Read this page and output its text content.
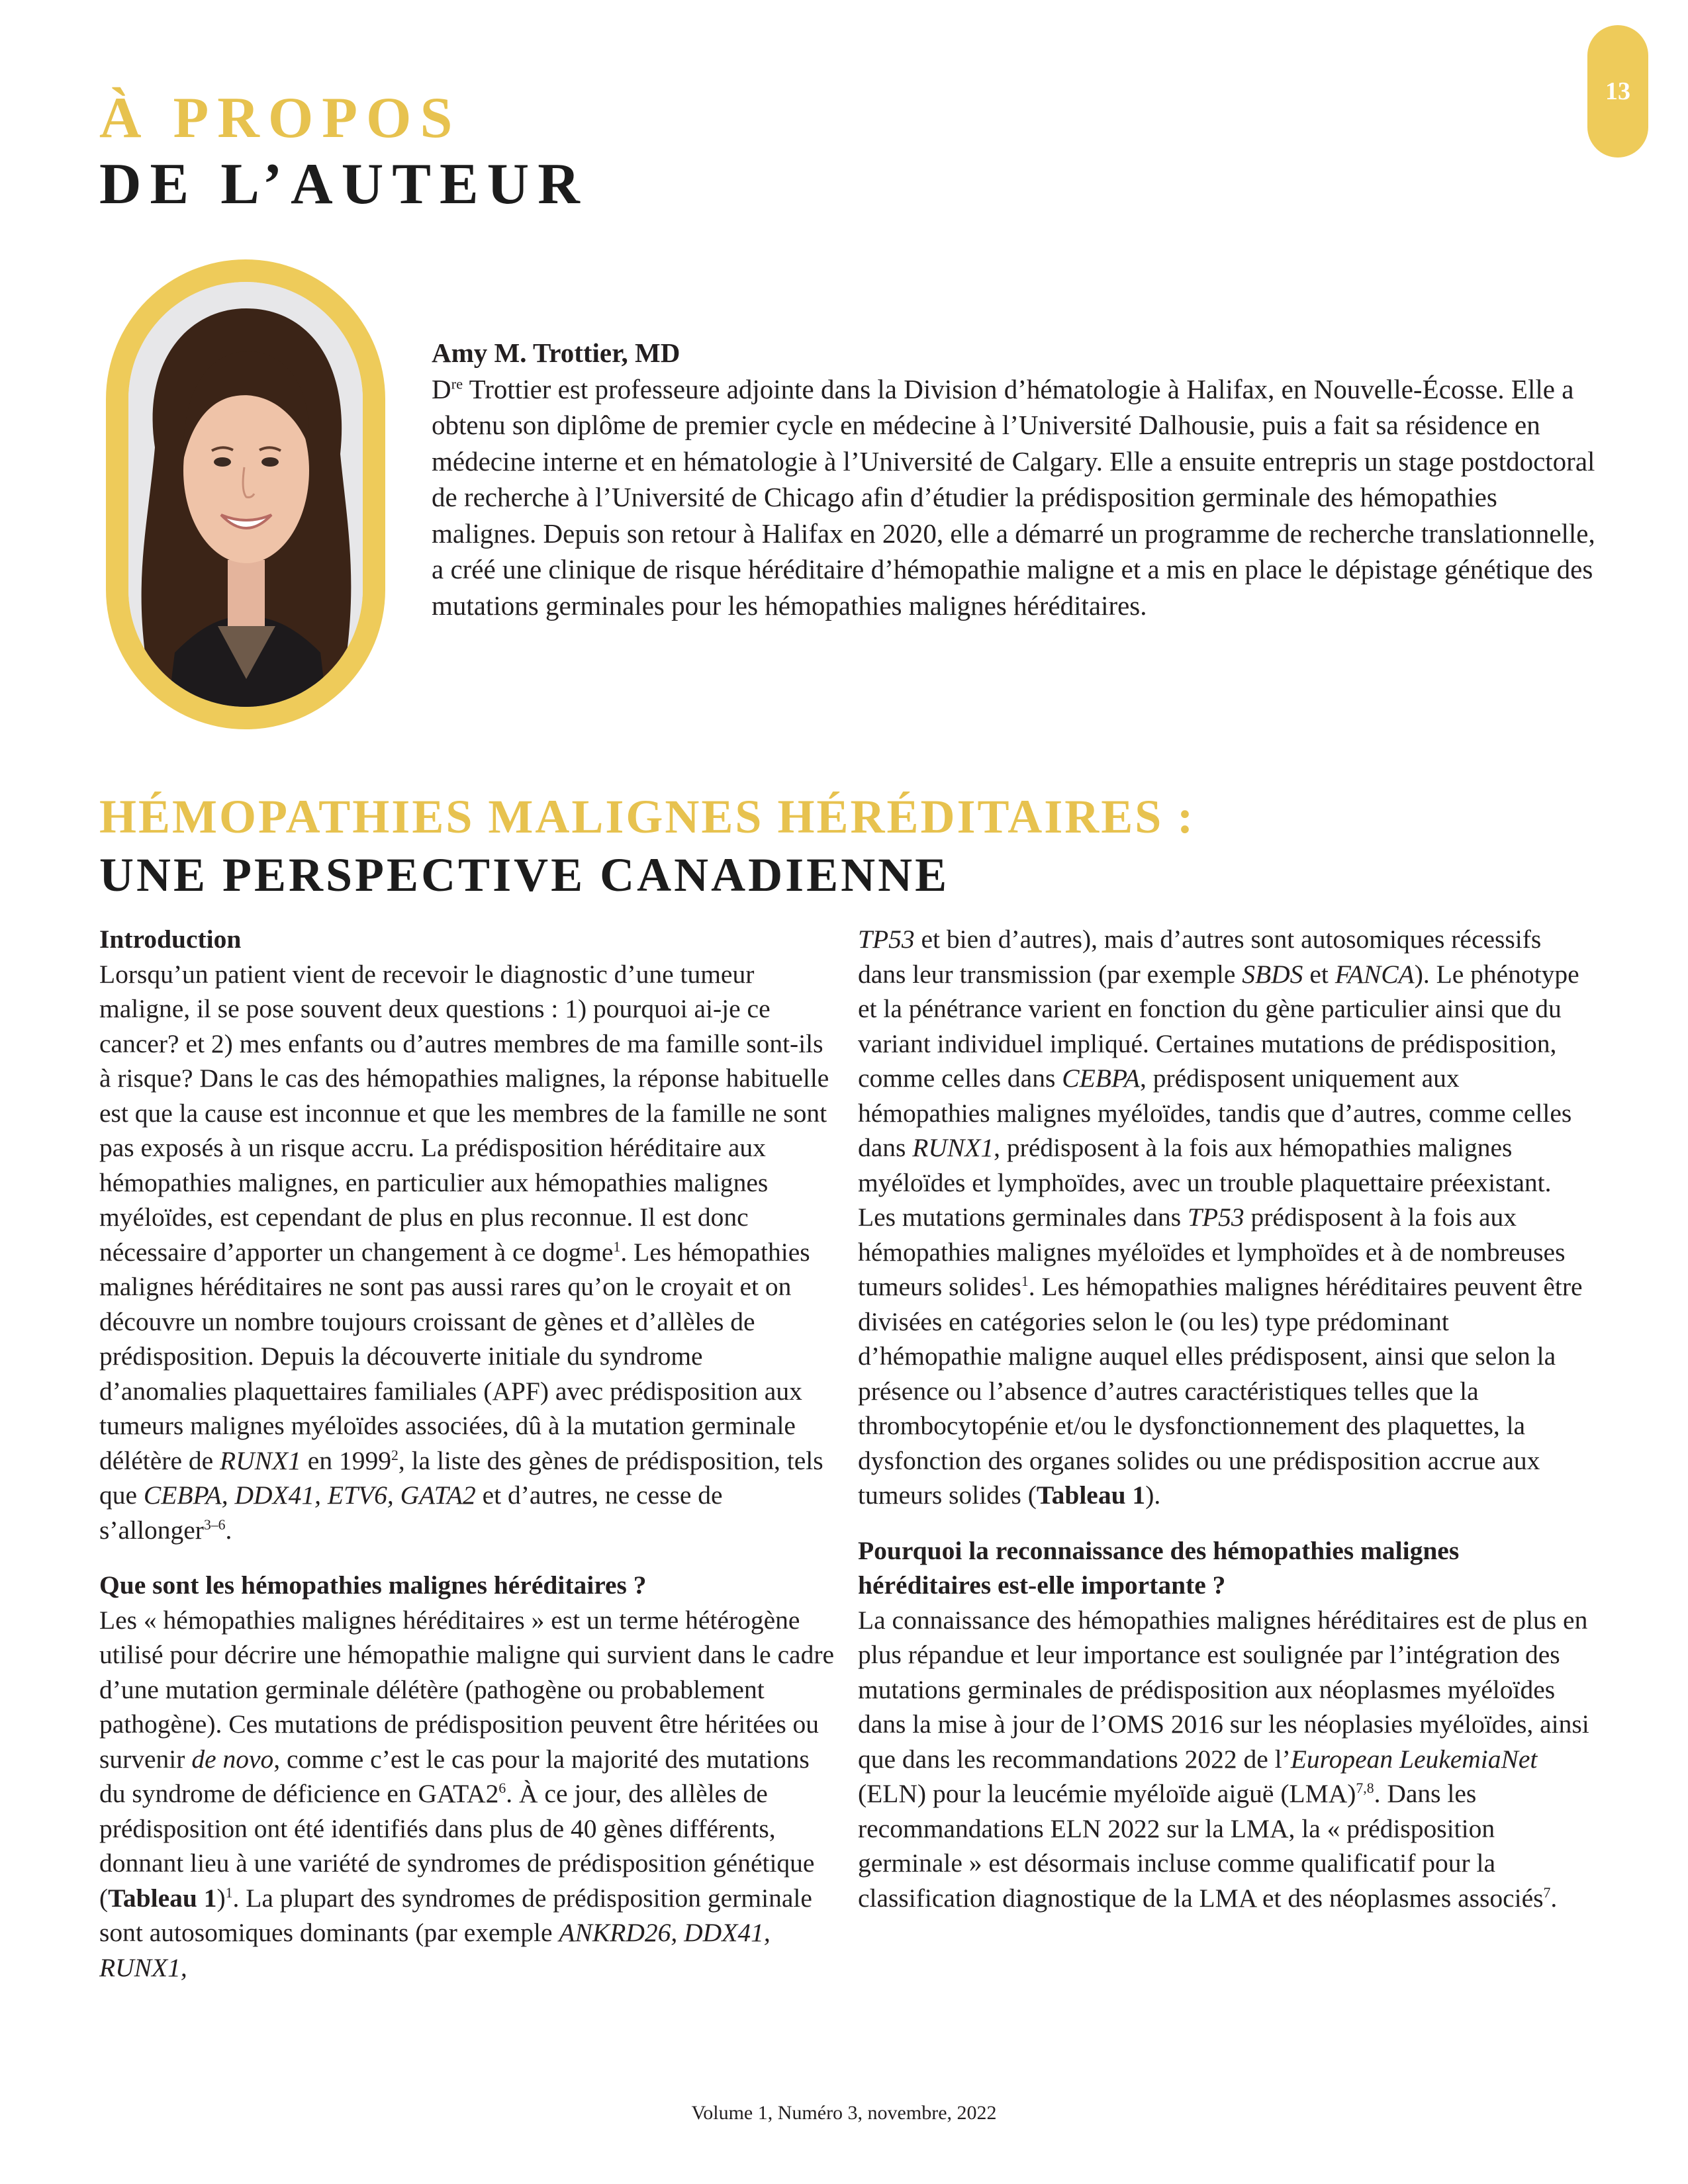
13
À PROPOS
DE L’AUTEUR
Amy M. Trottier, MD
Dre Trottier est professeure adjointe dans la Division d’hématologie à Halifax, en Nouvelle-Écosse. Elle a obtenu son diplôme de premier cycle en médecine à l’Université Dalhousie, puis a fait sa résidence en médecine interne et en hématologie à l’Université de Calgary. Elle a ensuite entrepris un stage postdoctoral de recherche à l’Université de Chicago afin d’étudier la prédisposition germinale des hémopathies malignes. Depuis son retour à Halifax en 2020, elle a démarré un programme de recherche translationnelle, a créé une clinique de risque héréditaire d’hémopathie maligne et a mis en place le dépistage génétique des mutations germinales pour les hémopathies malignes héréditaires.
HÉMOPATHIES MALIGNES HÉRÉDITAIRES :
UNE PERSPECTIVE CANADIENNE

Introduction

Lorsqu’un patient vient de recevoir le diagnostic d’une tumeur maligne, il se pose souvent deux questions : 1) pourquoi ai-je ce cancer? et 2) mes enfants ou d’autres membres de ma famille sont-ils à risque? Dans le cas des hémopathies malignes, la réponse habituelle est que la cause est inconnue et que les membres de la famille ne sont pas exposés à un risque accru. La prédisposition héréditaire aux hémopathies malignes, en particulier aux hémopathies malignes myéloïdes, est cependant de plus en plus reconnue. Il est donc nécessaire d’apporter un changement à ce dogme$^1$. Les hémopathies malignes héréditaires ne sont pas aussi rares qu’on le croyait et on découvre un nombre toujours croissant de gènes et d’allèles de prédisposition. Depuis la découverte initiale du syndrome d’anomalies plaquettaires familiales (APF) avec prédisposition aux tumeurs malignes myéloïdes associées, dû à la mutation germinale délétère de RUNX1 en 1999$^2$, la liste des gènes de prédisposition, tels que CEBPA, DDX41, ETV6, GATA2 et d’autres, ne cesse de s’allonger$^{3-6}$.

Que sont les hémopathies malignes héréditaires ?

Les « hémopathies malignes héréditaires » est un terme hétérogène utilisé pour décrire une hémopathie maligne qui survient dans le cadre d’une mutation germinale délétère (pathogène ou probablement pathogène). Ces mutations de prédisposition peuvent être héritées ou survenir de novo, comme c’est le cas pour la majorité des mutations du syndrome de déficience en $GATA2^6$. À ce jour, des allèles de prédisposition ont été identifiés dans plus de 40 gènes différents, donnant lieu à une variété de syndromes de prédisposition génétique (Tableau 1)$^1$. La plupart des syndromes de prédisposition germinale sont autosomiques dominants (par exemple ANKRD26, DDX41, RUNX1,

TP53 et bien d’autres), mais d’autres sont autosomiques récessifs dans leur transmission (par exemple SBDS et FANCA). Le phénotype et la pénétrance varient en fonction du gène particulier ainsi que du variant individuel impliqué. Certaines mutations de prédisposition, comme celles dans CEBPA, prédisposent uniquement aux hémopathies malignes myéloïdes, tandis que d’autres, comme celles dans RUNX1, prédisposent à la fois aux hémopathies malignes myéloïdes et lymphoïdes, avec un trouble plaquettaire préexistant.

Les mutations germinales dans TP53 prédisposent à la fois aux hémopathies malignes myéloïdes et lymphoïdes et à de nombreuses tumeurs solides$^1$. Les hémopathies malignes héréditaires peuvent être divisées en catégories selon le (ou les) type prédominant d’hémopathie maligne auquel elles prédisposent, ainsi que selon la présence ou l’absence d’autres caractéristiques telles que la thrombocytopénie et/ou le dysfonctionnement des plaquettes, la dysfonction des organes solides ou une prédisposition accrue aux tumeurs solides (Tableau 1).

Pourquoi la reconnaissance des hémopathies malignes héréditaires est-elle importante ?

La connaissance des hémopathies malignes héréditaires est de plus en plus répandue et leur importance est soulignée par l’intégration des mutations germinales de prédisposition aux néoplasmes myéloïdes dans la mise à jour de l’OMS 2016 sur les néoplasies myéloïdes, ainsi que dans les recommandations 2022 de l’European LeukemiaNet (ELN) pour la leucémie myéloïde aiguë (LMA)$^{7,8}$. Dans les recommandations ELN 2022 sur la LMA, la « prédisposition germinale » est désormais incluse comme qualificatif pour la classification diagnostique de la LMA et des néoplasmes associés$^7$.

Volume 1, Numéro 3, novembre, 2022
